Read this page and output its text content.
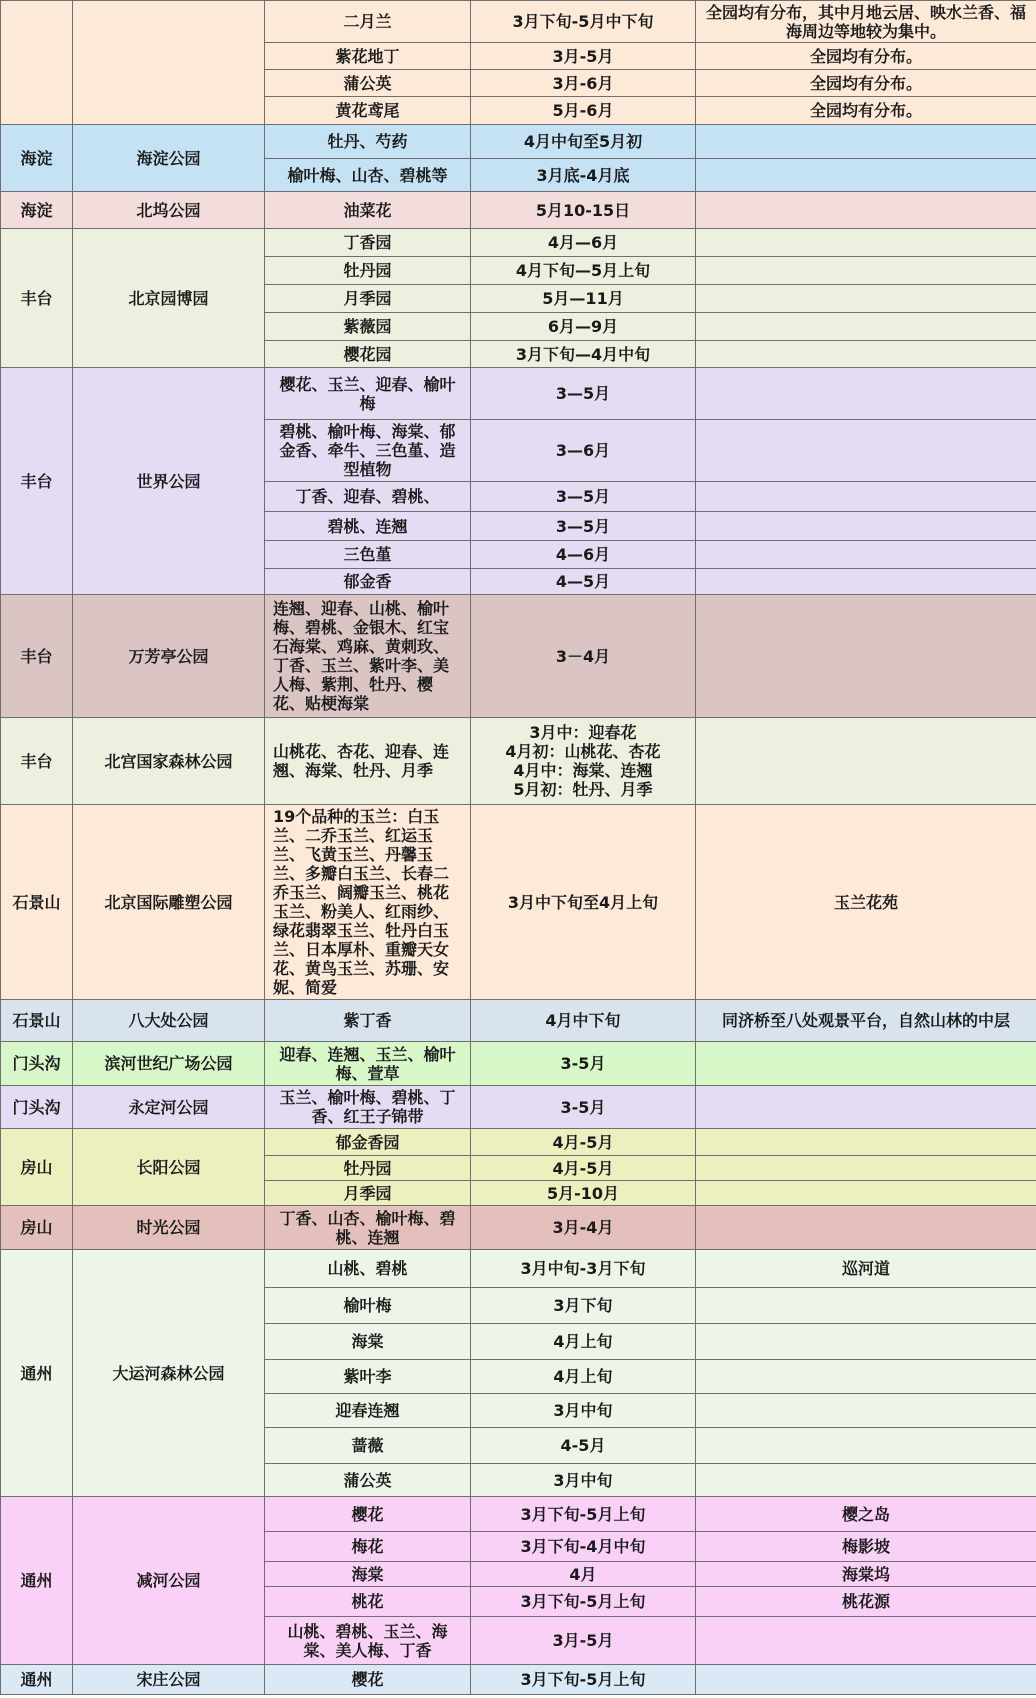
		二月兰	3月下旬-5月中下旬	全园均有分布，其中月地云居、映水兰香、福海周边等地较为集中。
		紫花地丁	3月-5月	全园均有分布。
		蒲公英	3月-6月	全园均有分布。
		黄花鸢尾	5月-6月	全园均有分布。
海淀	海淀公园	牡丹、芍药	4月中旬至5月初	
		榆叶梅、山杏、碧桃等	3月底-4月底	
海淀	北坞公园	油菜花	5月10-15日	
丰台	北京园博园	丁香园	4月—6月	
		牡丹园	4月下旬—5月上旬	
		月季园	5月—11月	
		紫薇园	6月—9月	
		樱花园	3月下旬—4月中旬	
丰台	世界公园	樱花、玉兰、迎春、榆叶梅	3—5月	
		碧桃、榆叶梅、海棠、郁金香、牵牛、三色堇、造型植物	3—6月	
		丁香、迎春、碧桃、	3—5月	
		碧桃、连翘	3—5月	
		三色堇	4—6月	
		郁金香	4—5月	
丰台	万芳亭公园	连翘、迎春、山桃、榆叶梅、碧桃、金银木、红宝石海棠、鸡麻、黄刺玫、丁香、玉兰、紫叶李、美人梅、紫荆、牡丹、樱花、贴梗海棠	3－4月	
丰台	北宫国家森林公园	山桃花、杏花、迎春、连翘、海棠、牡丹、月季	3月中：迎春花
4月初：山桃花、杏花
4月中：海棠、连翘
5月初：牡丹、月季	

石景山	北京国际雕塑公园	19个品种的玉兰：白玉兰、二乔玉兰、红运玉兰、飞黄玉兰、丹馨玉兰、多瓣白玉兰、长春二乔玉兰、阔瓣玉兰、桃花玉兰、粉美人、红雨纱、绿花翡翠玉兰、牡丹白玉兰、日本厚朴、重瓣天女花、黄鸟玉兰、苏珊、安妮、简爱	3月中下旬至4月上旬	玉兰花苑
石景山	八大处公园	紫丁香	4月中下旬	同济桥至八处观景平台，自然山林的中层
门头沟	滨河世纪广场公园	迎春、连翘、玉兰、榆叶梅、萱草	3-5月	
门头沟	永定河公园	玉兰、榆叶梅、碧桃、丁香、红王子锦带	3-5月	
房山	长阳公园	郁金香园	4月-5月	
		牡丹园	4月-5月	
		月季园	5月-10月	
房山	时光公园	丁香、山杏、榆叶梅、碧桃、连翘	3月-4月	
通州	大运河森林公园	山桃、碧桃	3月中旬-3月下旬	巡河道
		榆叶梅	3月下旬	
		海棠	4月上旬	
		紫叶李	4月上旬	
		迎春连翘	3月中旬	
		蔷薇	4-5月	
		蒲公英	3月中旬	
通州	减河公园	樱花	3月下旬-5月上旬	樱之岛
		梅花	3月下旬-4月中旬	梅影坡
		海棠	4月	海棠坞
		桃花	3月下旬-5月上旬	桃花源
		山桃、碧桃、玉兰、海棠、美人梅、丁香	3月-5月	
通州	宋庄公园	樱花	3月下旬-5月上旬	
